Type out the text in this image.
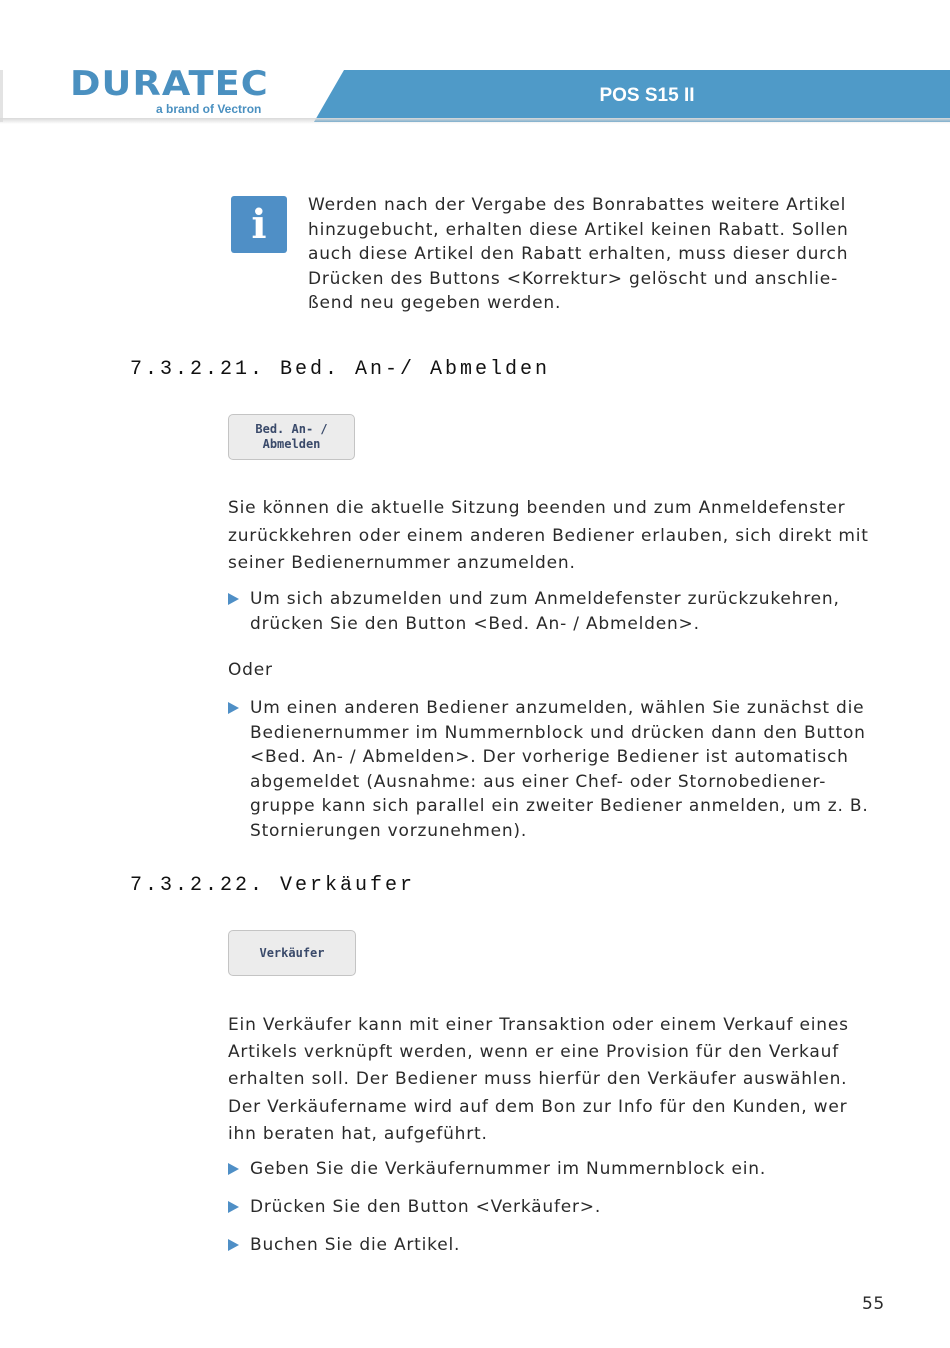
DURATEC
a brand of Vectron
POS S15 II
i	Werden nach der Vergabe des Bonrabattes weitere Artikel
hinzugebucht, erhalten diese Artikel keinen Rabatt. Sollen
auch diese Artikel den Rabatt erhalten, muss dieser durch
Drücken des Buttons <Korrektur> gelöscht und anschlie-
ßend neu gegeben werden.
7.3.2.21. Bed. An-/ Abmelden
Bed. An- /
Abmelden
Sie können die aktuelle Sitzung beenden und zum Anmeldefenster
zurückkehren oder einem anderen Bediener erlauben, sich direkt mit
seiner Bedienernummer anzumelden.
Um sich abzumelden und zum Anmeldefenster zurückzukehren,
drücken Sie den Button <Bed. An- / Abmelden>.
Oder
Um einen anderen Bediener anzumelden, wählen Sie zunächst die
Bedienernummer im Nummernblock und drücken dann den Button
<Bed. An- / Abmelden>. Der vorherige Bediener ist automatisch
abgemeldet (Ausnahme: aus einer Chef- oder Stornobediener-
gruppe kann sich parallel ein zweiter Bediener anmelden, um z. B.
Stornierungen vorzunehmen).
7.3.2.22. Verkäufer
Verkäufer
Ein Verkäufer kann mit einer Transaktion oder einem Verkauf eines
Artikels verknüpft werden, wenn er eine Provision für den Verkauf
erhalten soll. Der Bediener muss hierfür den Verkäufer auswählen.
Der Verkäufername wird auf dem Bon zur Info für den Kunden, wer
ihn beraten hat, aufgeführt.
Geben Sie die Verkäufernummer im Nummernblock ein.
Drücken Sie den Button <Verkäufer>.
Buchen Sie die Artikel.
55
